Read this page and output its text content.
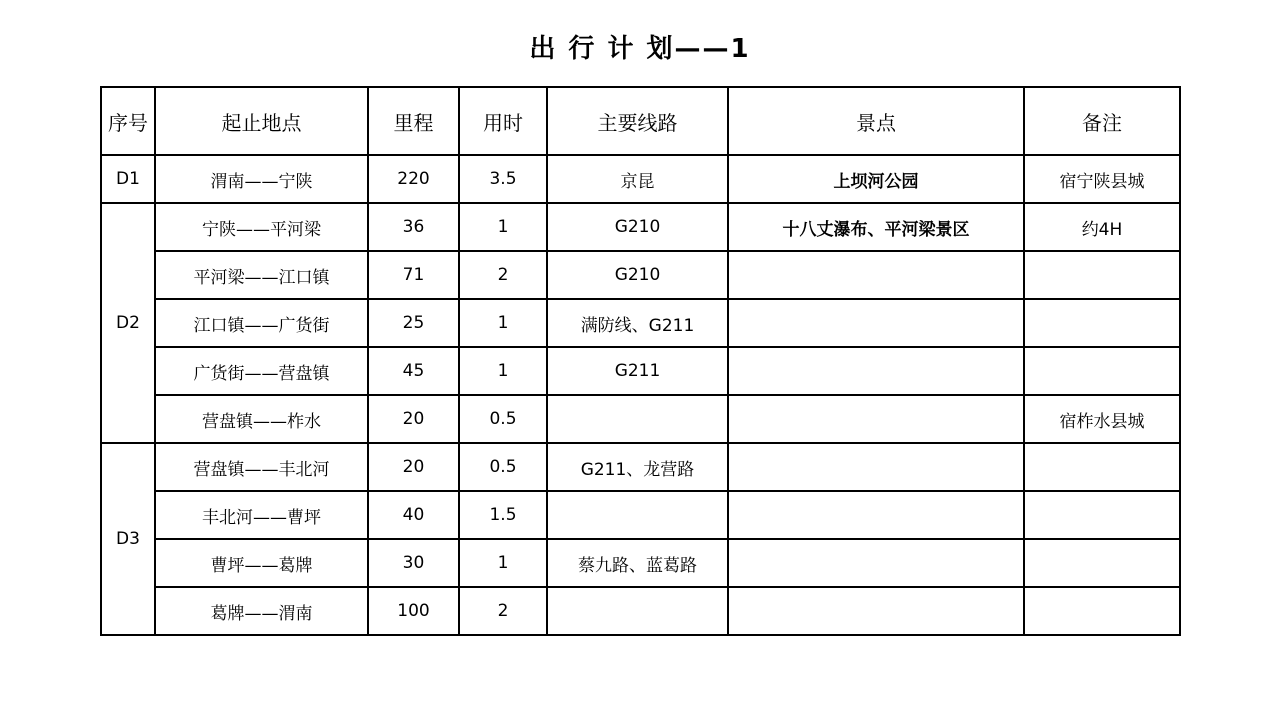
出 行 计 划——1
序号	起止地点	里程	用时	主要线路	景点	备注
D1	渭南——宁陕	220	3.5	京昆	上坝河公园	宿宁陕县城
D2	宁陕——平河梁	36	1	G210	十八丈瀑布、平河梁景区	约4H
	平河梁——江口镇	71	2	G210		
	江口镇——广货街	25	1	满防线、G211		
	广货街——营盘镇	45	1	G211		
	营盘镇——柞水	20	0.5			宿柞水县城
D3	营盘镇——丰北河	20	0.5	G211、龙营路		
	丰北河——曹坪	40	1.5			
	曹坪——葛牌	30	1	蔡九路、蓝葛路		
	葛牌——渭南	100	2			
